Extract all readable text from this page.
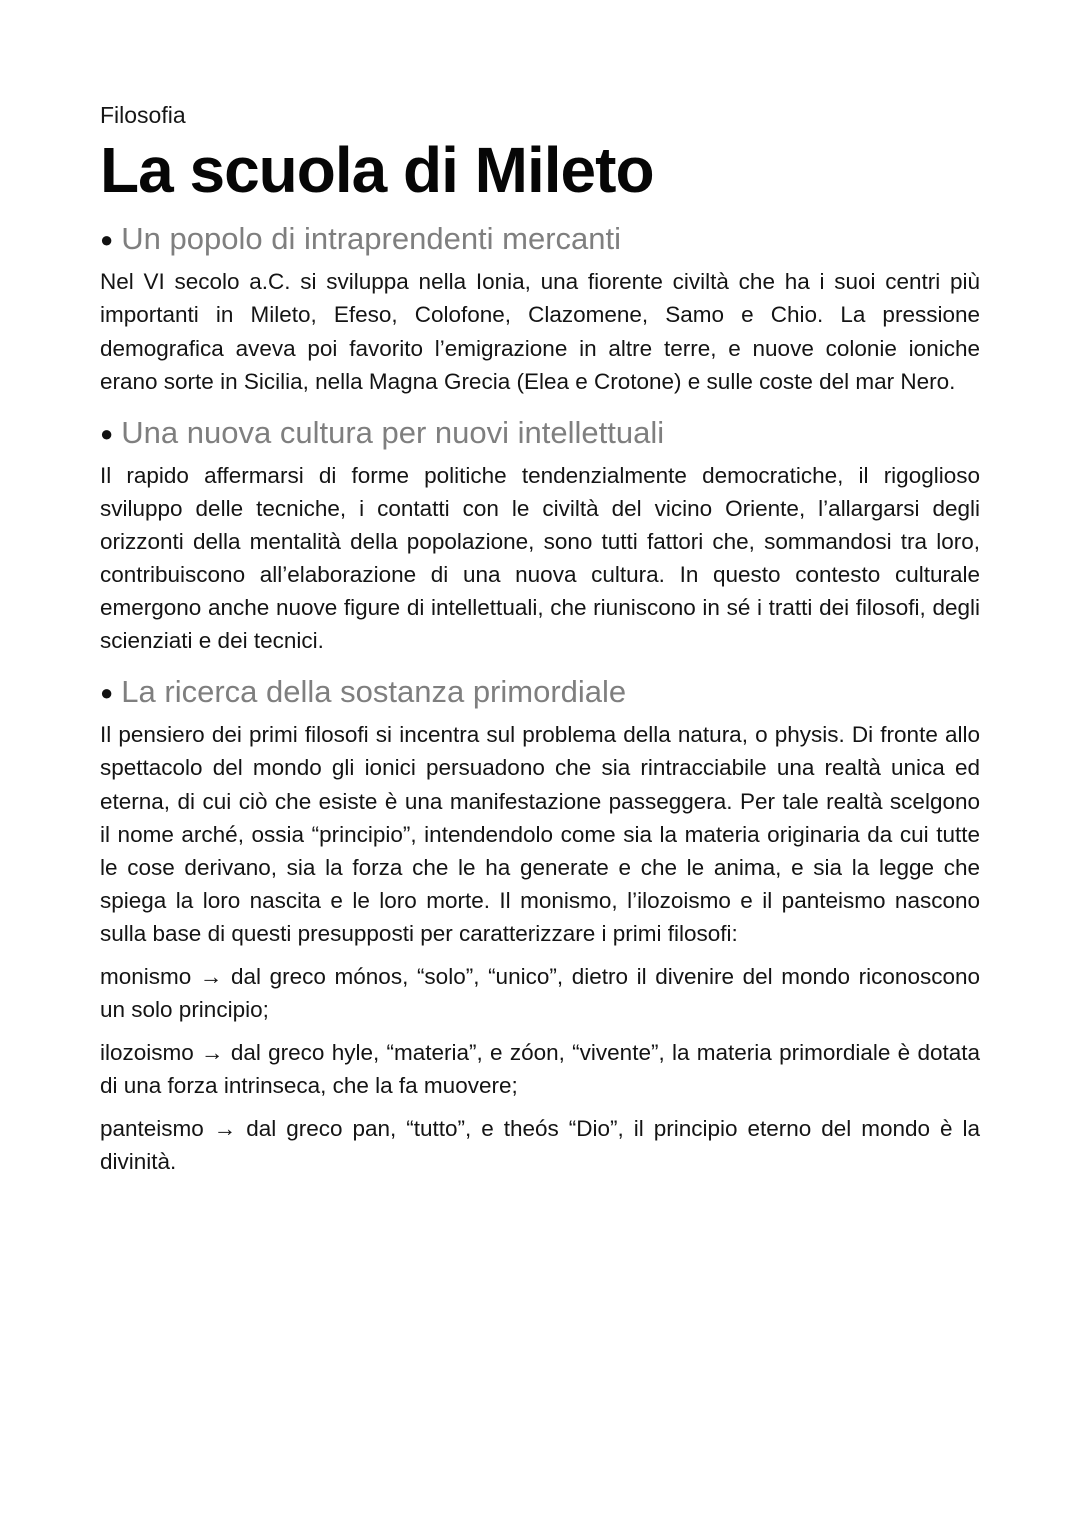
Filosofia

La scuola di Mileto
● Un popolo di intraprendenti mercanti

Nel VI secolo a.C. si sviluppa nella Ionia, una fiorente civiltà che ha i suoi centri più importanti in Mileto, Efeso, Colofone, Clazomene, Samo e Chio. La pressione demografica aveva poi favorito l’emigrazione in altre terre, e nuove colonie ioniche erano sorte in Sicilia, nella Magna Grecia (Elea e Crotone) e sulle coste del mar Nero.

● Una nuova cultura per nuovi intellettuali

Il rapido affermarsi di forme politiche tendenzialmente democratiche, il rigoglioso sviluppo delle tecniche, i contatti con le civiltà del vicino Oriente, l’allargarsi degli orizzonti della mentalità della popolazione, sono tutti fattori che, sommandosi tra loro, contribuiscono all’elaborazione di una nuova cultura. In questo contesto culturale emergono anche nuove figure di intellettuali, che riuniscono in sé i tratti dei filosofi, degli scienziati e dei tecnici.

● La ricerca della sostanza primordiale

Il pensiero dei primi filosofi si incentra sul problema della natura, o physis. Di fronte allo spettacolo del mondo gli ionici persuadono che sia rintracciabile una realtà unica ed eterna, di cui ciò che esiste è una manifestazione passeggera. Per tale realtà scelgono il nome arché, ossia “principio”, intendendolo come sia la materia originaria da cui tutte le cose derivano, sia la forza che le ha generate e che le anima, e sia la legge che spiega la loro nascita e le loro morte. Il monismo, l’ilozoismo e il panteismo nascono sulla base di questi presupposti per caratterizzare i primi filosofi:

monismo → dal greco mónos, “solo”, “unico”, dietro il divenire del mondo riconoscono un solo principio;

ilozoismo → dal greco hyle, “materia”, e zóon, “vivente”, la materia primordiale è dotata di una forza intrinseca, che la fa muovere;

panteismo → dal greco pan, “tutto”, e theós “Dio”, il principio eterno del mondo è la divinità.
